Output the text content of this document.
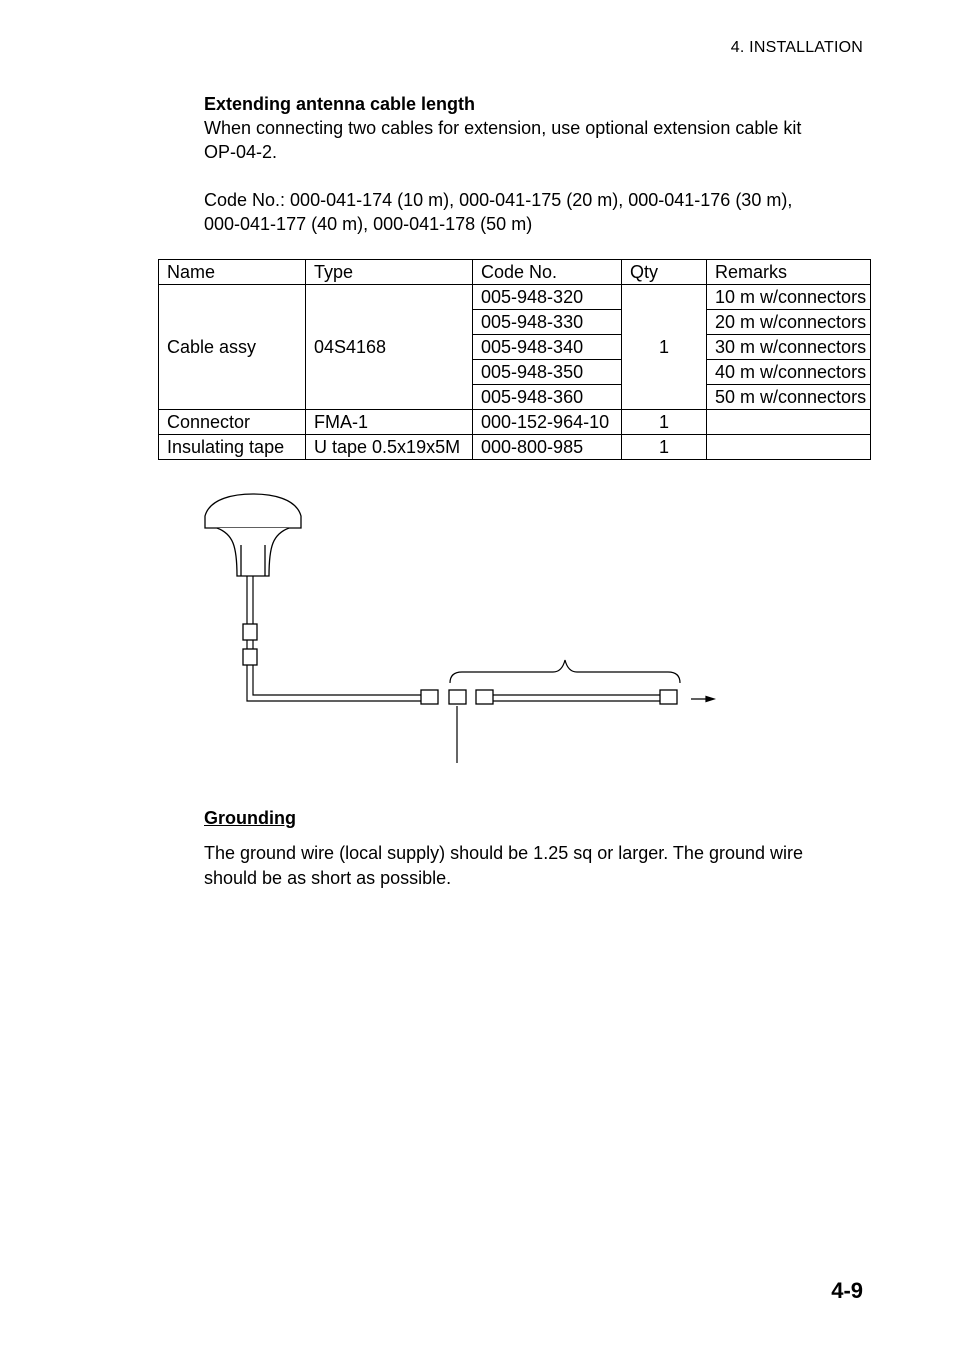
4. INSTALLATION
Extending antenna cable length
When connecting two cables for extension, use optional extension cable kit
OP-04-2.
Code No.: 000-041-174 (10 m), 000-041-175 (20 m), 000-041-176 (30 m),
000-041-177 (40 m), 000-041-178 (50 m)
Name	Type	Code No.	Qty	Remarks
Cable assy	04S4168	005-948-320	1	10 m w/connectors
		005-948-330		20 m w/connectors
		005-948-340		30 m w/connectors
		005-948-350		40 m w/connectors
		005-948-360		50 m w/connectors
Connector	FMA-1	000-152-964-10	1	
Insulating tape	U tape 0.5x19x5M	000-800-985	1	
Grounding
The ground wire (local supply) should be 1.25 sq or larger. The ground wire
should be as short as possible.
4-9
